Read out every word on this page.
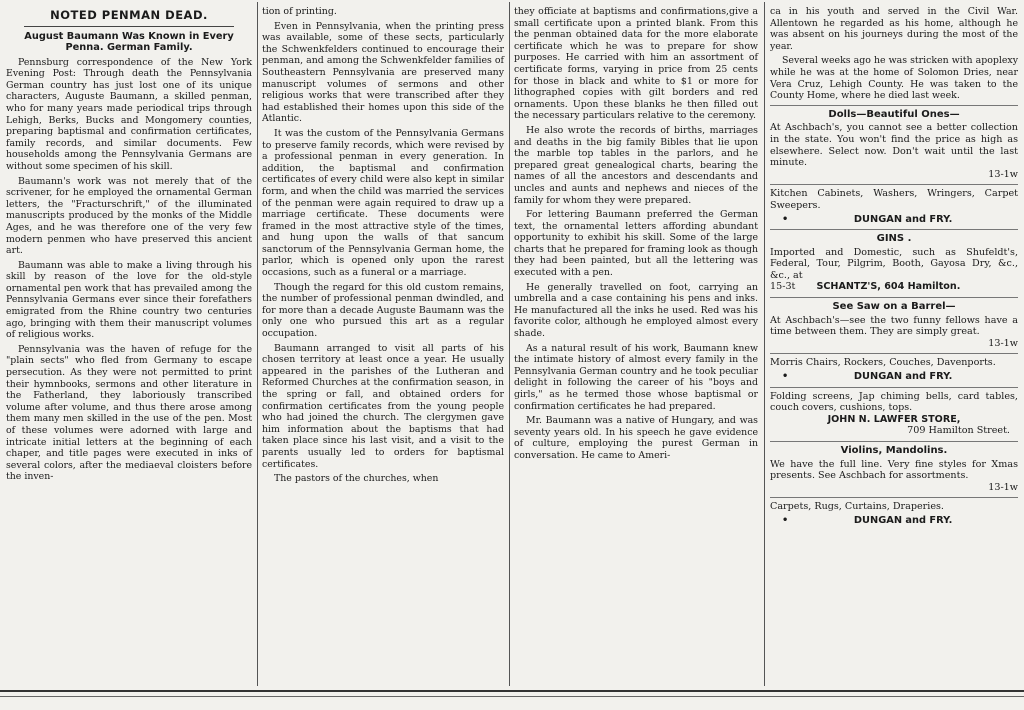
NOTED PENMAN DEAD.
August Baumann Was Known in Every Penna. German Family.

Pennsburg correspondence of the New York Evening Post: Through death the Pennsylvania German country has just lost one of its unique characters, Auguste Baumann, a skilled penman, who for many years made periodical trips through Lehigh, Berks, Bucks and Mongomery counties, preparing baptismal and confirmation certificates, family records, and similar documents. Few households among the Pennsylvania Germans are without some specimen of his skill.

Baumann's work was not merely that of the scrivener, for he employed the ornamental German letters, the "Fracturschrift," of the illuminated manuscripts produced by the monks of the Middle Ages, and he was therefore one of the very few modern penmen who have preserved this ancient art.

Baumann was able to make a living through his skill by reason of the love for the old-style ornamental pen work that has prevailed among the Pennsylvania Germans ever since their forefathers emigrated from the Rhine country two centuries ago, bringing with them their manuscript volumes of religious works.

Pennsylvania was the haven of refuge for the "plain sects" who fled from Germany to escape persecution. As they were not permitted to print their hymnbooks, sermons and other literature in the Fatherland, they laboriously transcribed volume after volume, and thus there arose among them many men skilled in the use of the pen. Most of these volumes were adorned with large and intricate initial letters at the beginning of each chaper, and title pages were executed in inks of several colors, after the mediaeval cloisters before the inven-

tion of printing.

Even in Pennsylvania, when the printing press was available, some of these sects, particularly the Schwenkfelders continued to encourage their penman, and among the Schwenkfelder families of Southeastern Pennsylvania are preserved many manuscript volumes of sermons and other religious works that were transcribed after they had established their homes upon this side of the Atlantic.

It was the custom of the Pennsylvania Germans to preserve family records, which were revised by a professional penman in every generation. In addition, the baptismal and confirmation certificates of every child were also kept in similar form, and when the child was married the services of the penman were again required to draw up a marriage certificate. These documents were framed in the most attractive style of the times, and hung upon the walls of that sancum sanctorum of the Pennsylvania German home, the parlor, which is opened only upon the rarest occasions, such as a funeral or a marriage.

Though the regard for this old custom remains, the number of professional penman dwindled, and for more than a decade Auguste Baumann was the only one who pursued this art as a regular occupation.

Baumann arranged to visit all parts of his chosen territory at least once a year. He usually appeared in the parishes of the Lutheran and Reformed Churches at the confirmation season, in the spring or fall, and obtained orders for confirmation certificates from the young people who had joined the church. The clergymen gave him information about the baptisms that had taken place since his last visit, and a visit to the parents usually led to orders for baptismal certificates.

The pastors of the churches, when

they officiate at baptisms and confirmations,give a small certificate upon a printed blank. From this the penman obtained data for the more elaborate certificate which he was to prepare for show purposes. He carried with him an assortment of certificate forms, varying in price from 25 cents for those in black and white to $1 or more for lithographed copies with gilt borders and red ornaments. Upon these blanks he then filled out the necessary particulars relative to the ceremony.

He also wrote the records of births, marriages and deaths in the big family Bibles that lie upon the marble top tables in the parlors, and he prepared great genealogical charts, bearing the names of all the ancestors and descendants and uncles and aunts and nephews and nieces of the family for whom they were prepared.

For lettering Baumann preferred the German text, the ornamental letters affording abundant opportunity to exhibit his skill. Some of the large charts that he prepared for framing look as though they had been painted, but all the lettering was executed with a pen.

He generally travelled on foot, carrying an umbrella and a case containing his pens and inks. He manufactured all the inks he used. Red was his favorite color, although he employed almost every shade.

As a natural result of his work, Baumann knew the intimate history of almost every family in the Pennsylvania German country and he took peculiar delight in following the career of his "boys and girls," as he termed those whose baptismal or confirmation certificates he had prepared.

Mr. Baumann was a native of Hungary, and was seventy years old. In his speech he gave evidence of culture, employing the purest German in conversation. He came to Ameri-

ca in his youth and served in the Civil War. Allentown he regarded as his home, although he was absent on his journeys during the most of the year.

Several weeks ago he was stricken with apoplexy while he was at the home of Solomon Dries, near Vera Cruz, Lehigh County. He was taken to the County Home, where he died last week.

Dolls—Beautiful Ones—
At Aschbach's, you cannot see a better collection in the state. You won't find the price as high as elsewhere. Select now. Don't wait until the last minute.
13-1w
Kitchen Cabinets, Washers, Wringers, Carpet Sweepers.
•	DUNGAN and FRY.
GINS .
Imported and Domestic, such as Shufeldt's, Federal, Tour, Pilgrim, Booth, Gayosa Dry, &c., &c., at
15-3t SCHANTZ'S, 604 Hamilton.
See Saw on a Barrel—
At Aschbach's—see the two funny fellows have a time between them. They are simply great.
13-1w
Morris Chairs, Rockers, Couches, Davenports.
•	DUNGAN and FRY.
Folding screens, Jap chiming bells, card tables, couch covers, cushions, tops.
JOHN N. LAWFER STORE,
709 Hamilton Street.
Violins, Mandolins.
We have the full line. Very fine styles for Xmas presents. See Aschbach for assortments.
13-1w
Carpets, Rugs, Curtains, Draperies.
•	DUNGAN and FRY.
